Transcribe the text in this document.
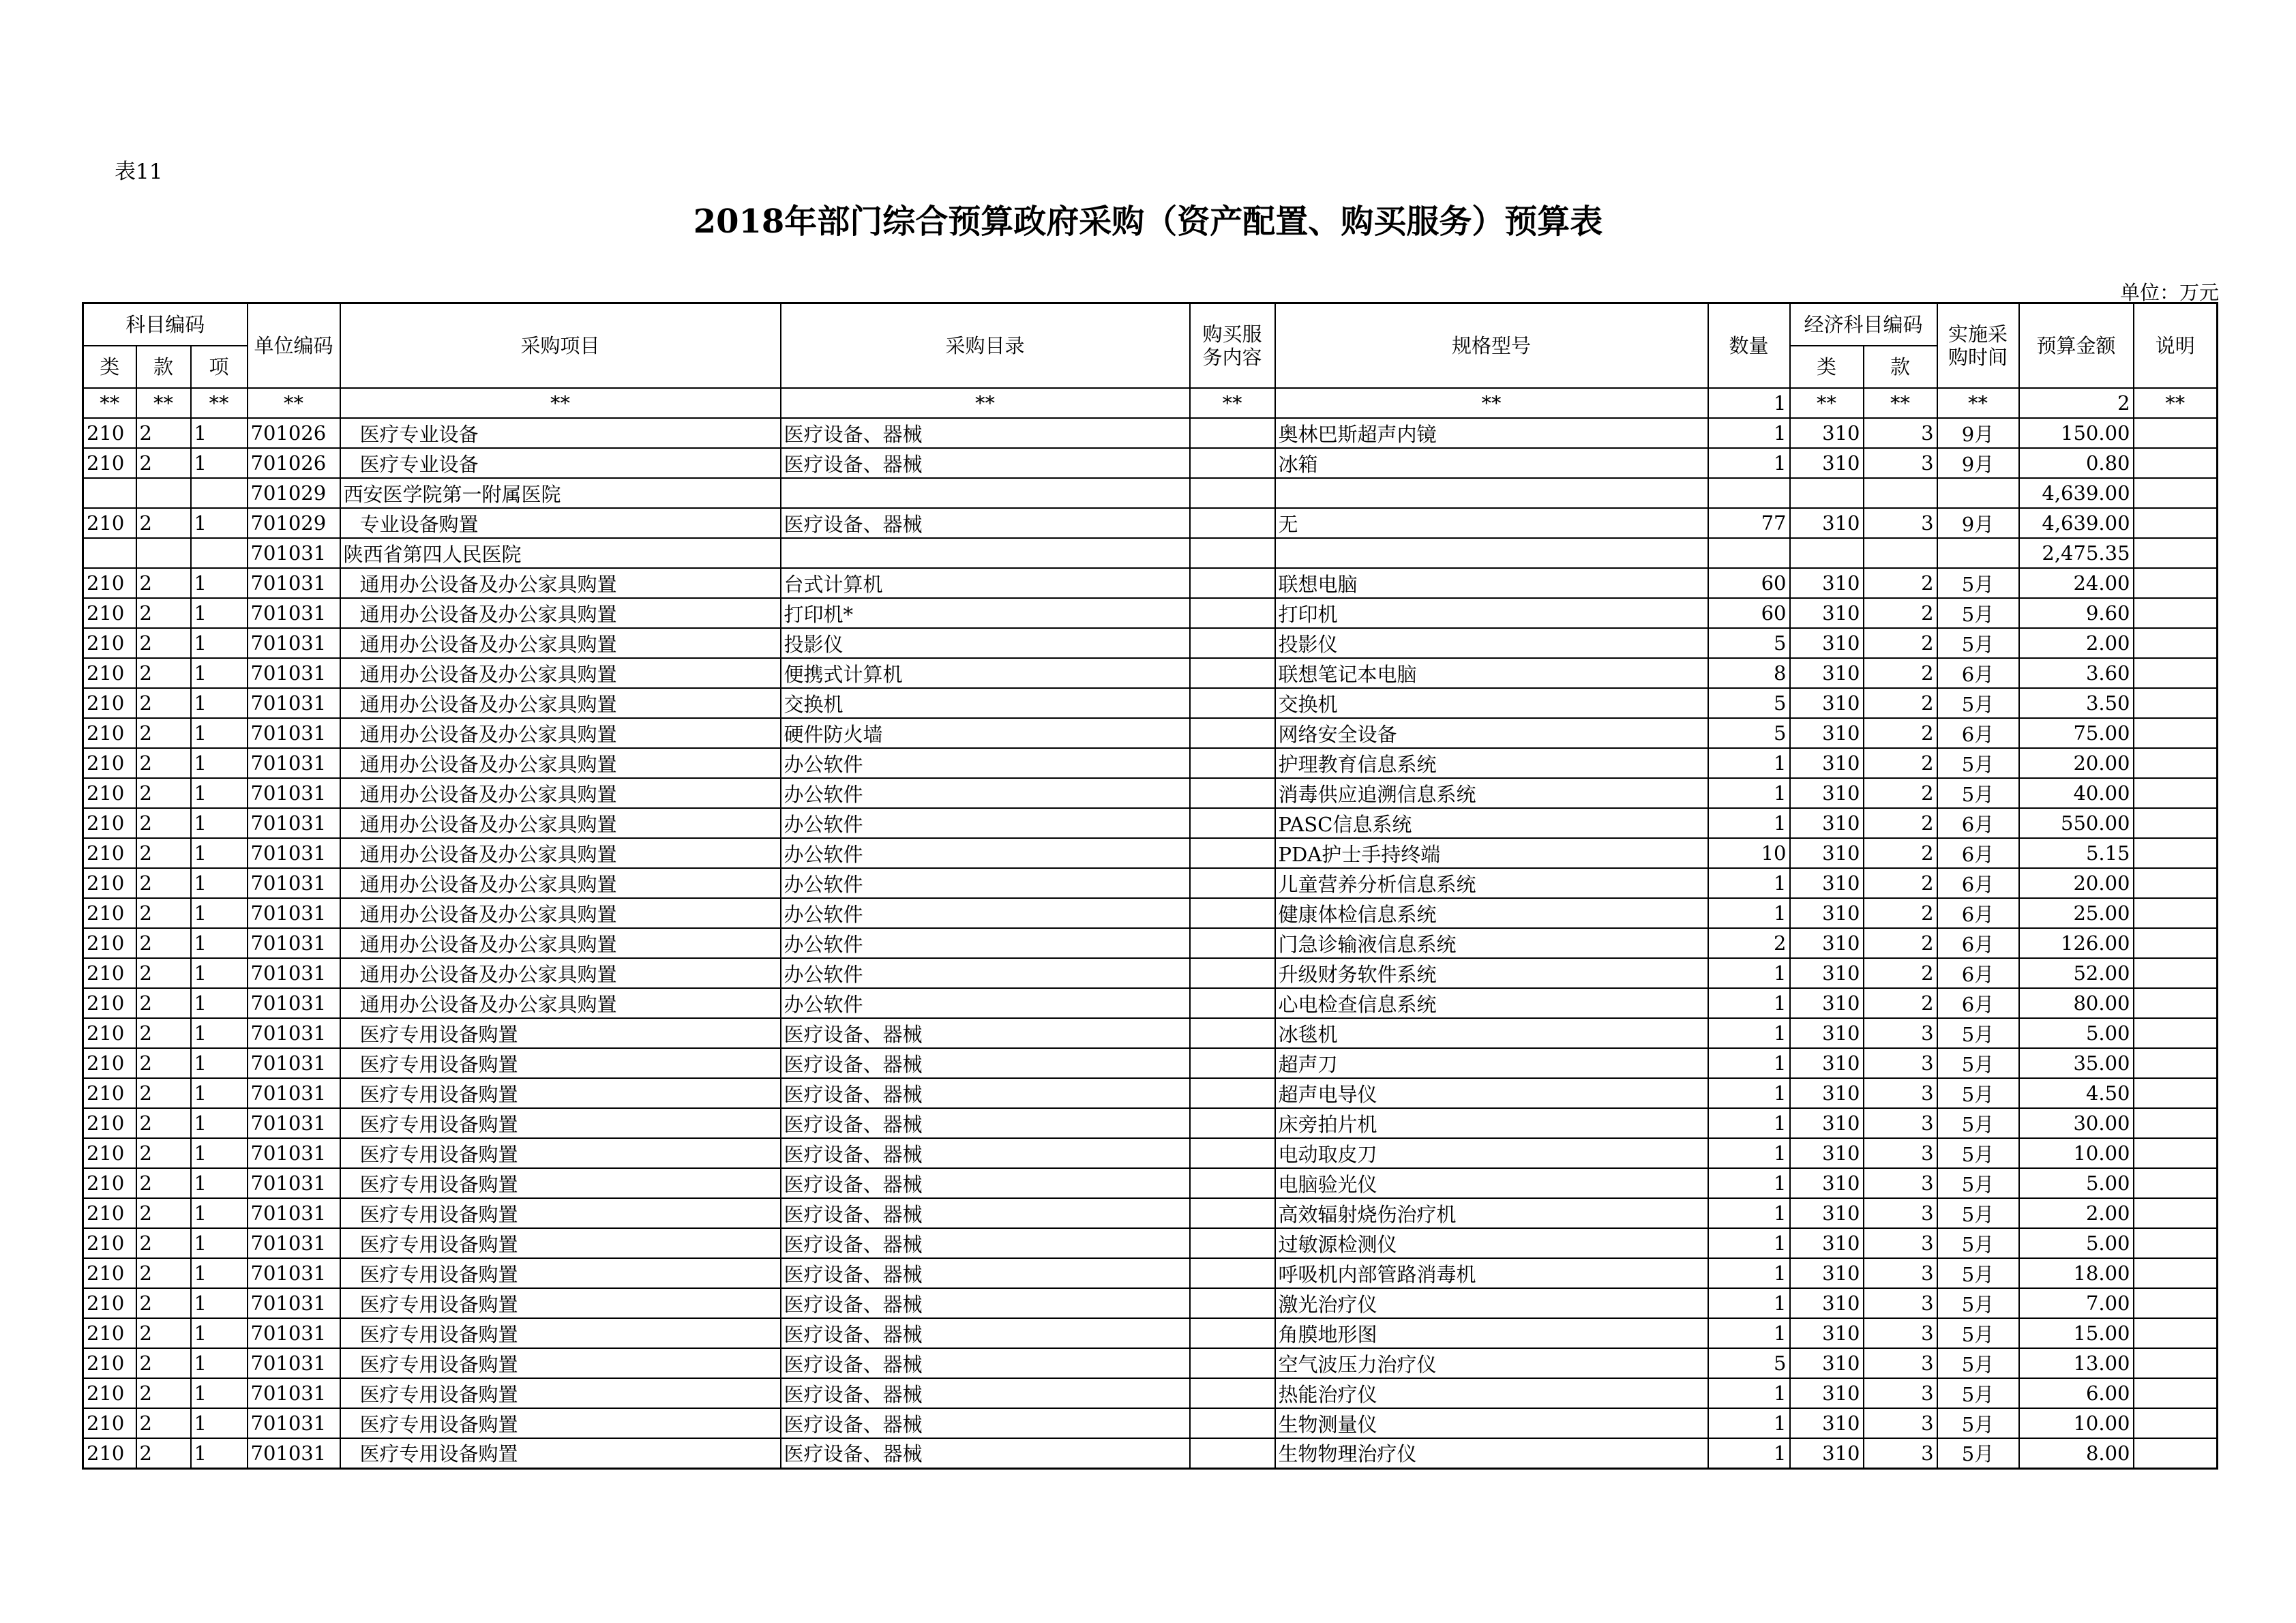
表11
2018年部门综合预算政府采购（资产配置、购买服务）预算表
单位：万元
科目编码			单位编码	采购项目	采购目录	购买服务内容	规格型号	数量	经济科目编码		实施采购时间	预算金额	说明
类	款	项							类	款			
**	**	**	**	**	**	**	**	1	**	**	**	2	**
210	2	1	701026	医疗专业设备	医疗设备、器械		奥林巴斯超声内镜	1	310	3	9月	150.00	
210	2	1	701026	医疗专业设备	医疗设备、器械		冰箱	1	310	3	9月	0.80	
			701029	西安医学院第一附属医院								4,639.00	
210	2	1	701029	专业设备购置	医疗设备、器械		无	77	310	3	9月	4,639.00	
			701031	陕西省第四人民医院								2,475.35	
210	2	1	701031	通用办公设备及办公家具购置	台式计算机		联想电脑	60	310	2	5月	24.00	
210	2	1	701031	通用办公设备及办公家具购置	打印机*		打印机	60	310	2	5月	9.60	
210	2	1	701031	通用办公设备及办公家具购置	投影仪		投影仪	5	310	2	5月	2.00	
210	2	1	701031	通用办公设备及办公家具购置	便携式计算机		联想笔记本电脑	8	310	2	6月	3.60	
210	2	1	701031	通用办公设备及办公家具购置	交换机		交换机	5	310	2	5月	3.50	
210	2	1	701031	通用办公设备及办公家具购置	硬件防火墙		网络安全设备	5	310	2	6月	75.00	
210	2	1	701031	通用办公设备及办公家具购置	办公软件		护理教育信息系统	1	310	2	5月	20.00	
210	2	1	701031	通用办公设备及办公家具购置	办公软件		消毒供应追溯信息系统	1	310	2	5月	40.00	
210	2	1	701031	通用办公设备及办公家具购置	办公软件		PASC信息系统	1	310	2	6月	550.00	
210	2	1	701031	通用办公设备及办公家具购置	办公软件		PDA护士手持终端	10	310	2	6月	5.15	
210	2	1	701031	通用办公设备及办公家具购置	办公软件		儿童营养分析信息系统	1	310	2	6月	20.00	
210	2	1	701031	通用办公设备及办公家具购置	办公软件		健康体检信息系统	1	310	2	6月	25.00	
210	2	1	701031	通用办公设备及办公家具购置	办公软件		门急诊输液信息系统	2	310	2	6月	126.00	
210	2	1	701031	通用办公设备及办公家具购置	办公软件		升级财务软件系统	1	310	2	6月	52.00	
210	2	1	701031	通用办公设备及办公家具购置	办公软件		心电检查信息系统	1	310	2	6月	80.00	
210	2	1	701031	医疗专用设备购置	医疗设备、器械		冰毯机	1	310	3	5月	5.00	
210	2	1	701031	医疗专用设备购置	医疗设备、器械		超声刀	1	310	3	5月	35.00	
210	2	1	701031	医疗专用设备购置	医疗设备、器械		超声电导仪	1	310	3	5月	4.50	
210	2	1	701031	医疗专用设备购置	医疗设备、器械		床旁拍片机	1	310	3	5月	30.00	
210	2	1	701031	医疗专用设备购置	医疗设备、器械		电动取皮刀	1	310	3	5月	10.00	
210	2	1	701031	医疗专用设备购置	医疗设备、器械		电脑验光仪	1	310	3	5月	5.00	
210	2	1	701031	医疗专用设备购置	医疗设备、器械		高效辐射烧伤治疗机	1	310	3	5月	2.00	
210	2	1	701031	医疗专用设备购置	医疗设备、器械		过敏源检测仪	1	310	3	5月	5.00	
210	2	1	701031	医疗专用设备购置	医疗设备、器械		呼吸机内部管路消毒机	1	310	3	5月	18.00	
210	2	1	701031	医疗专用设备购置	医疗设备、器械		激光治疗仪	1	310	3	5月	7.00	
210	2	1	701031	医疗专用设备购置	医疗设备、器械		角膜地形图	1	310	3	5月	15.00	
210	2	1	701031	医疗专用设备购置	医疗设备、器械		空气波压力治疗仪	5	310	3	5月	13.00	
210	2	1	701031	医疗专用设备购置	医疗设备、器械		热能治疗仪	1	310	3	5月	6.00	
210	2	1	701031	医疗专用设备购置	医疗设备、器械		生物测量仪	1	310	3	5月	10.00	
210	2	1	701031	医疗专用设备购置	医疗设备、器械		生物物理治疗仪	1	310	3	5月	8.00	
